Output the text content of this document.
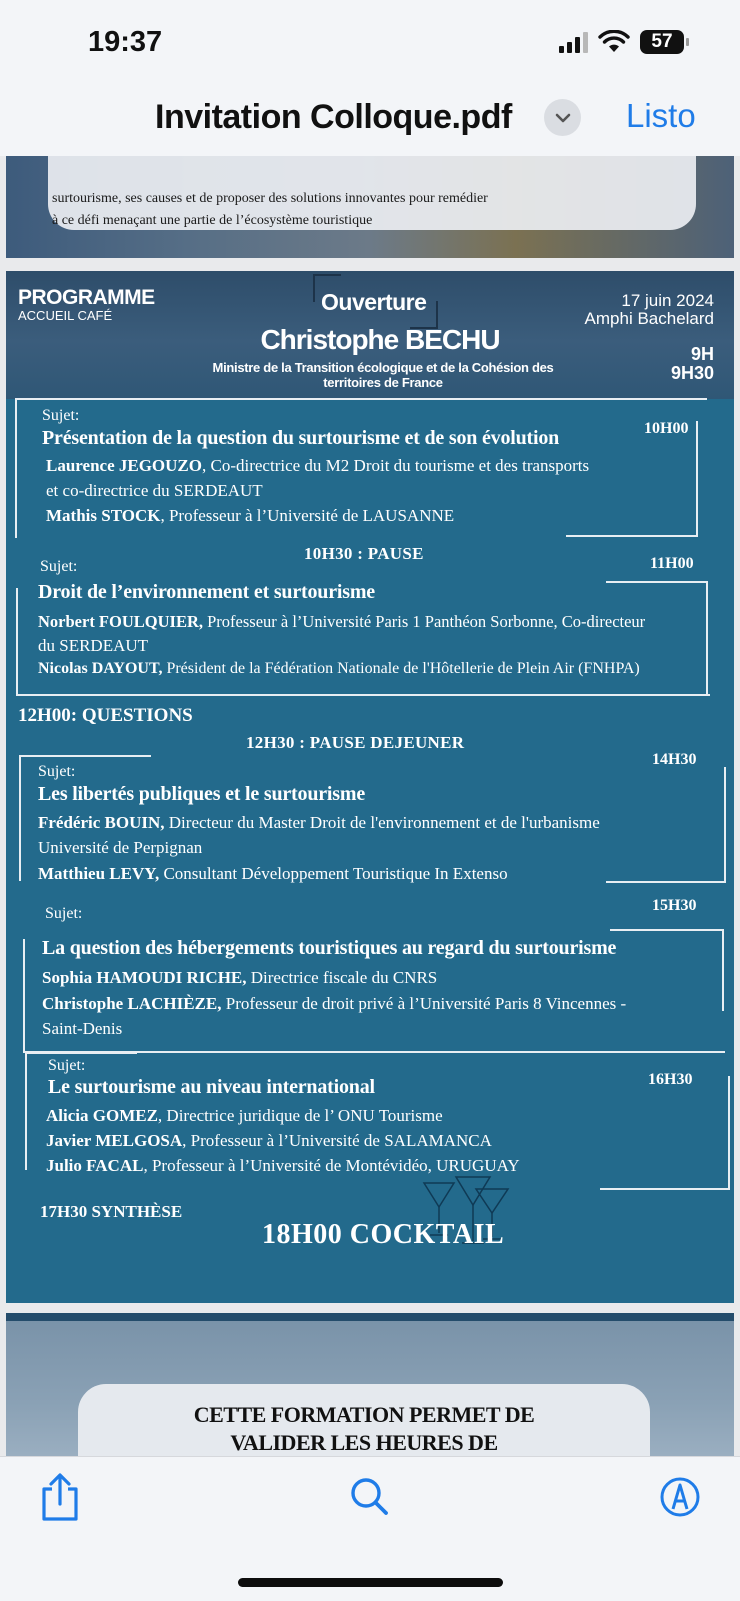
19:37	57
Invitation Colloque.pdf	Listo
surtourisme, ses causes et de proposer des solutions innovantes pour remédier
à ce défi menaçant une partie de l’écosystème touristique
PROGRAMME
ACCUEIL CAFÉ
Ouverture
Christophe BECHU
Ministre de la Transition écologique et de la Cohésion des
territoires de France
17 juin 2024
Amphi Bachelard
9H
9H30
Sujet:
10H00
Présentation de la question du surtourisme et de son évolution
Laurence JEGOUZO, Co-directrice du M2 Droit du tourisme et des transports
et co-directrice du SERDEAUT
Mathis STOCK, Professeur à l’Université de LAUSANNE
10H30 : PAUSE
11H00
Sujet:
Droit de l’environnement et surtourisme
Norbert FOULQUIER, Professeur à l’Université Paris 1 Panthéon Sorbonne, Co-directeur
du SERDEAUT
Nicolas DAYOUT, Président de la Fédération Nationale de l'Hôtellerie de Plein Air (FNHPA)
12H00: QUESTIONS
12H30 : PAUSE DEJEUNER
14H30
Sujet:
Les libertés publiques et le surtourisme
Frédéric BOUIN, Directeur du Master Droit de l'environnement et de l'urbanisme
Université de Perpignan
Matthieu LEVY, Consultant Développement Touristique In Extenso
Sujet:	15H30
La question des hébergements touristiques au regard du surtourisme
Sophia HAMOUDI RICHE, Directrice fiscale du CNRS
Christophe LACHIÈZE, Professeur de droit privé à l’Université Paris 8 Vincennes -
Saint-Denis
Sujet:
16H30
Le surtourisme au niveau international
Alicia GOMEZ, Directrice juridique de l’ ONU Tourisme
Javier MELGOSA, Professeur à l’Université de SALAMANCA
Julio FACAL, Professeur à l’Université de Montévidéo, URUGUAY
17H30 SYNTHÈSE
18H00 COCKTAIL
CETTE FORMATION PERMET DE
VALIDER LES HEURES DE
